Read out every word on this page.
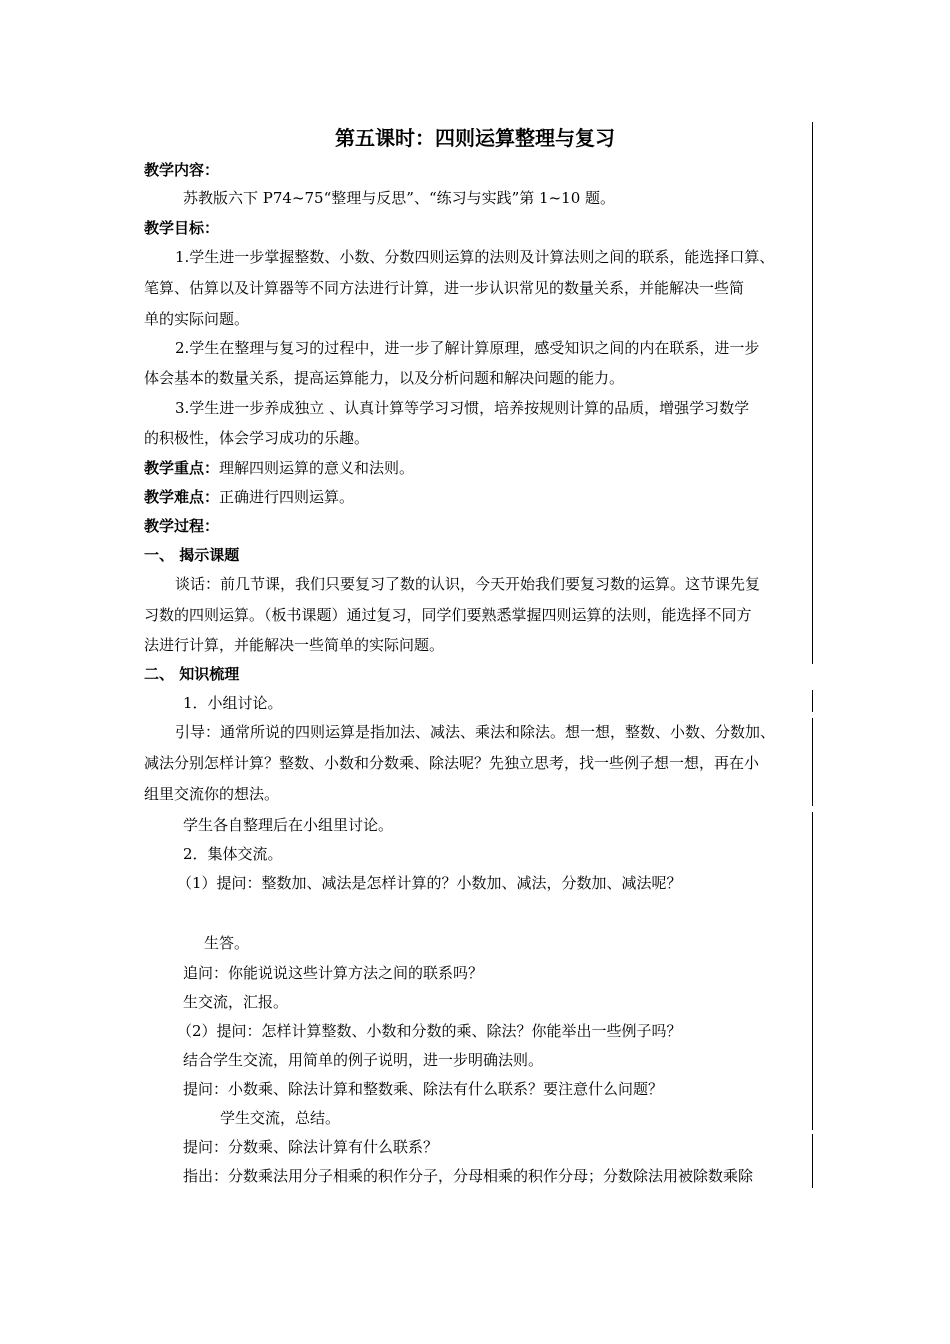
第五课时：四则运算整理与复习
教学内容：
苏教版六下 P74~75“整理与反思”、“练习与实践”第 1~10 题。
教学目标：
1.学生进一步掌握整数、小数、分数四则运算的法则及计算法则之间的联系，能选择口算、
笔算、估算以及计算器等不同方法进行计算，进一步认识常见的数量关系，并能解决一些简
单的实际问题。
2.学生在整理与复习的过程中，进一步了解计算原理，感受知识之间的内在联系，进一步
体会基本的数量关系，提高运算能力，以及分析问题和解决问题的能力。
3.学生进一步养成独立 、认真计算等学习习惯，培养按规则计算的品质，增强学习数学
的积极性，体会学习成功的乐趣。
教学重点：理解四则运算的意义和法则。
教学难点：正确进行四则运算。
教学过程：
一、 揭示课题
谈话：前几节课，我们只要复习了数的认识，今天开始我们要复习数的运算。这节课先复
习数的四则运算。（板书课题）通过复习，同学们要熟悉掌握四则运算的法则，能选择不同方
法进行计算，并能解决一些简单的实际问题。
二、 知识梳理
1．小组讨论。
引导：通常所说的四则运算是指加法、减法、乘法和除法。想一想，整数、小数、分数加、
减法分别怎样计算？整数、小数和分数乘、除法呢？先独立思考，找一些例子想一想，再在小
组里交流你的想法。
学生各自整理后在小组里讨论。
2．集体交流。
（1）提问：整数加、减法是怎样计算的？小数加、减法，分数加、减法呢？
生答。
追问：你能说说这些计算方法之间的联系吗？
生交流，汇报。
（2）提问：怎样计算整数、小数和分数的乘、除法？你能举出一些例子吗？
结合学生交流，用简单的例子说明，进一步明确法则。
提问：小数乘、除法计算和整数乘、除法有什么联系？要注意什么问题？
学生交流，总结。
提问：分数乘、除法计算有什么联系？
指出：分数乘法用分子相乘的积作分子，分母相乘的积作分母；分数除法用被除数乘除
